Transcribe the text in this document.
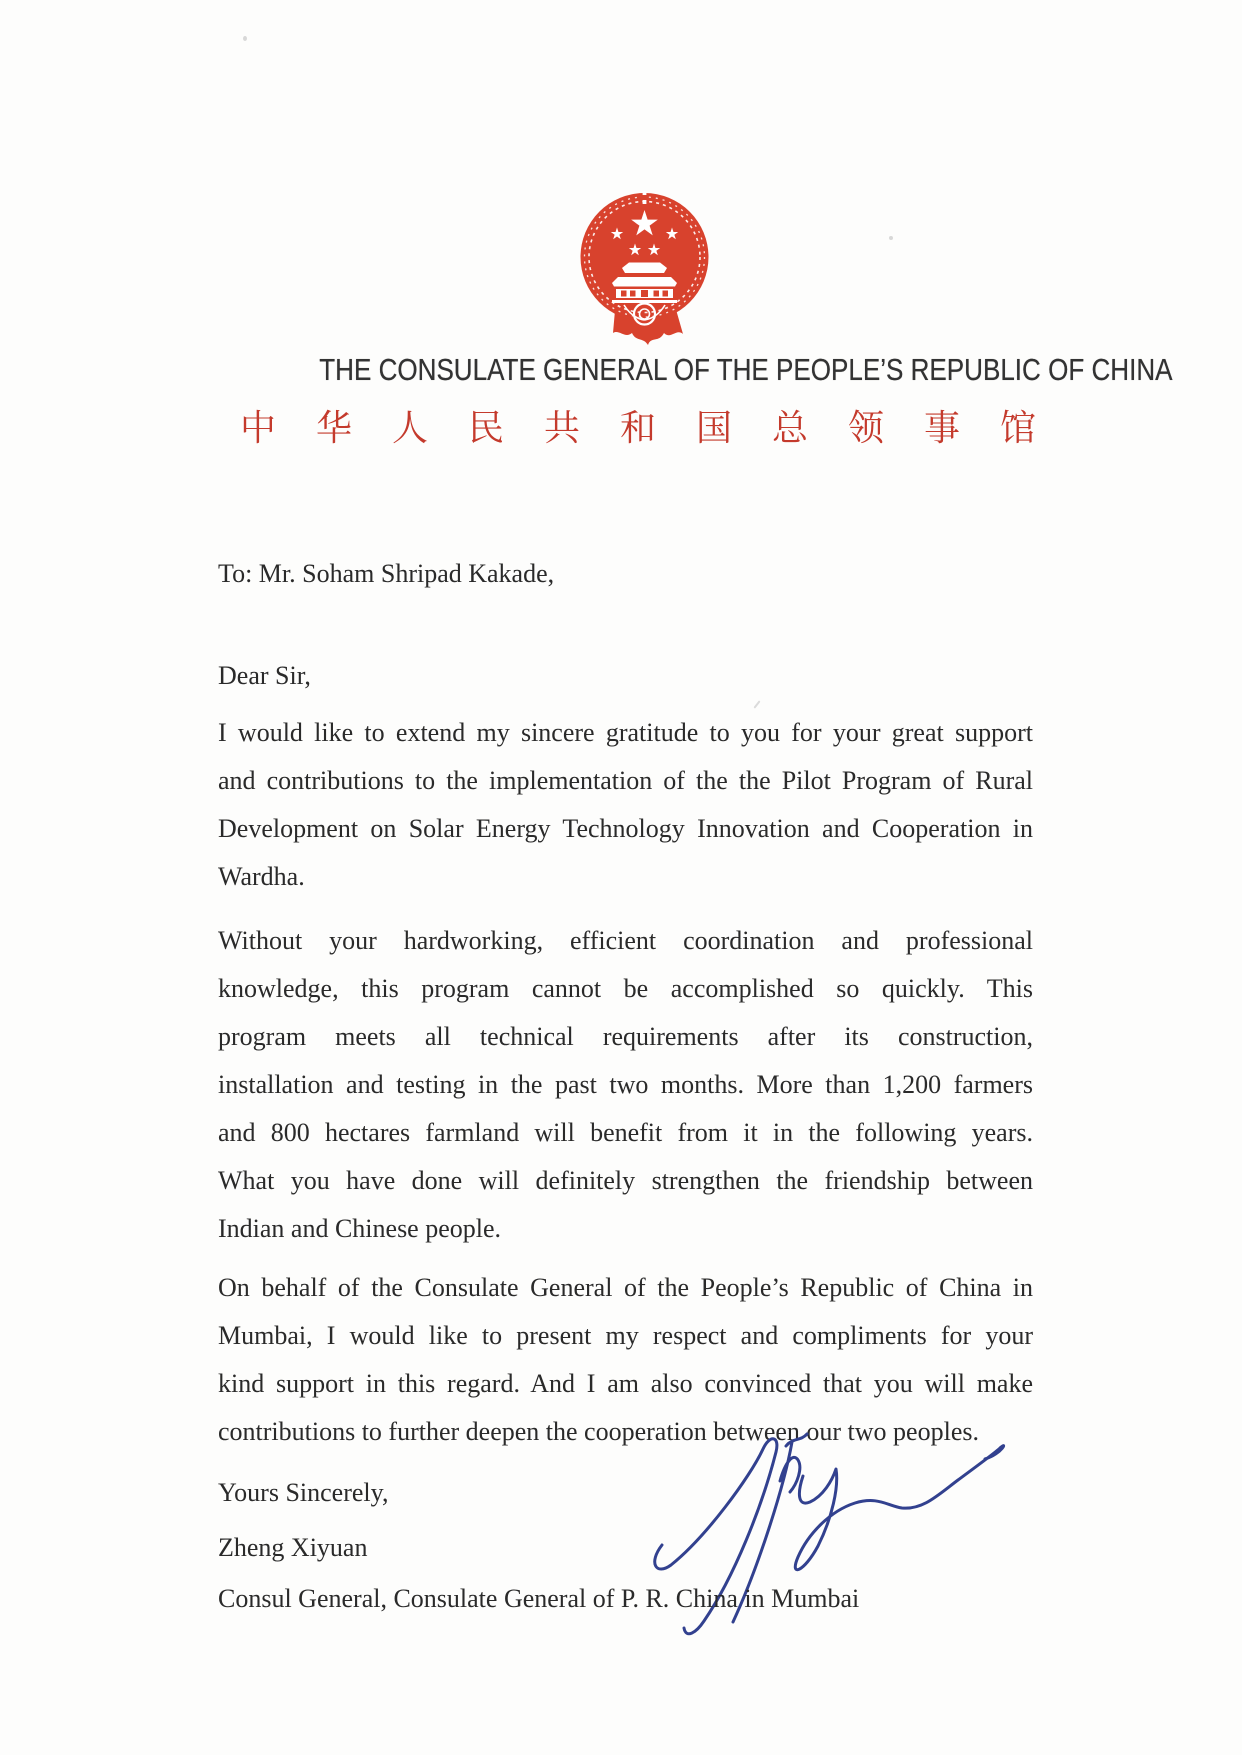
THE CONSULATE GENERAL OF THE PEOPLE’S REPUBLIC OF CHINA
中华人民共和国总领事馆
To: Mr. Soham Shripad Kakade,
Dear Sir,
I would like to extend my sincere gratitude to you for your great support
and contributions to the implementation of the the Pilot Program of Rural
Development on Solar Energy Technology Innovation and Cooperation in
Wardha.
Without your hardworking, efficient coordination and professional
knowledge, this program cannot be accomplished so quickly. This
program meets all technical requirements after its construction,
installation and testing in the past two months. More than 1,200 farmers
and 800 hectares farmland will benefit from it in the following years.
What you have done will definitely strengthen the friendship between
Indian and Chinese people.
On behalf of the Consulate General of the People’s Republic of China in
Mumbai, I would like to present my respect and compliments for your
kind support in this regard. And I am also convinced that you will make
contributions to further deepen the cooperation between our two peoples.
Yours Sincerely,
Zheng Xiyuan
Consul General, Consulate General of P. R. China in Mumbai
